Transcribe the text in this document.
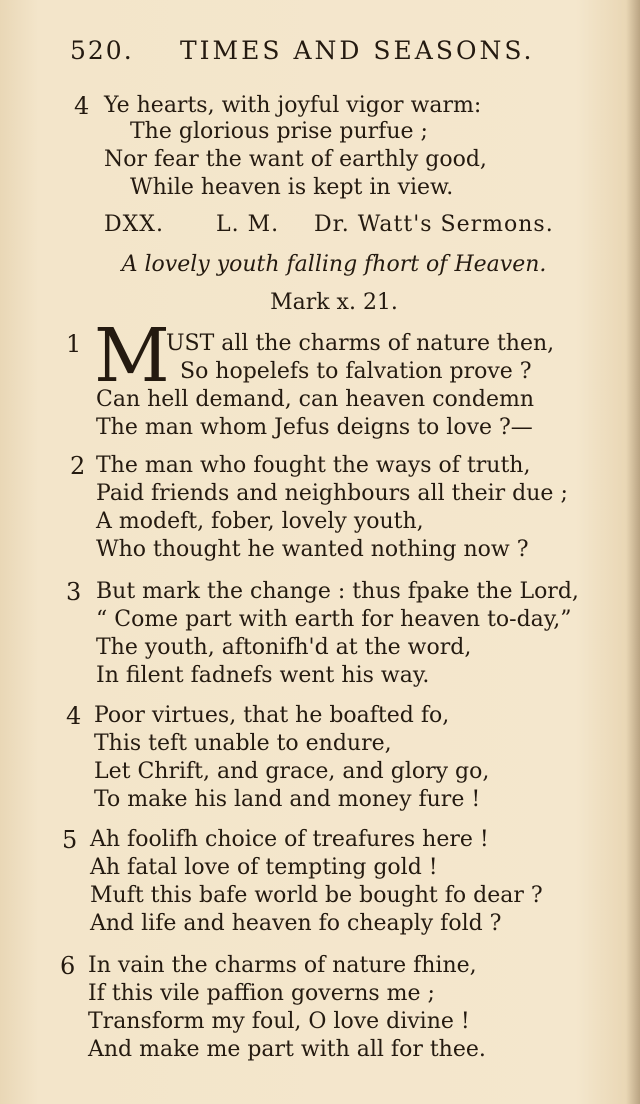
520. TIMES AND SEASONS.
4 Ye hearts, with joyful vigor warm:
The glorious prise purfue ;
Nor fear the want of earthly good,
While heaven is kept in view.
DXX. L. M. Dr. Watt's Sermons.
A lovely youth falling fhort of Heaven.
Mark x. 21.
1 M
UST all the charms of nature then,
So hopelefs to falvation prove ?
Can hell demand, can heaven condemn
The man whom Jefus deigns to love ?—
2 The man who fought the ways of truth,
Paid friends and neighbours all their due ;
A modeft, fober, lovely youth,
Who thought he wanted nothing now ?
3 But mark the change : thus fpake the Lord,
“ Come part with earth for heaven to-day,”
The youth, aftonifh'd at the word,
In filent fadnefs went his way.
4 Poor virtues, that he boafted fo,
This teft unable to endure,
Let Chrift, and grace, and glory go,
To make his land and money fure !
5 Ah foolifh choice of treafures here !
Ah fatal love of tempting gold !
Muft this bafe world be bought fo dear ?
And life and heaven fo cheaply fold ?
6 In vain the charms of nature fhine,
If this vile paffion governs me ;
Transform my foul, O love divine !
And make me part with all for thee.
